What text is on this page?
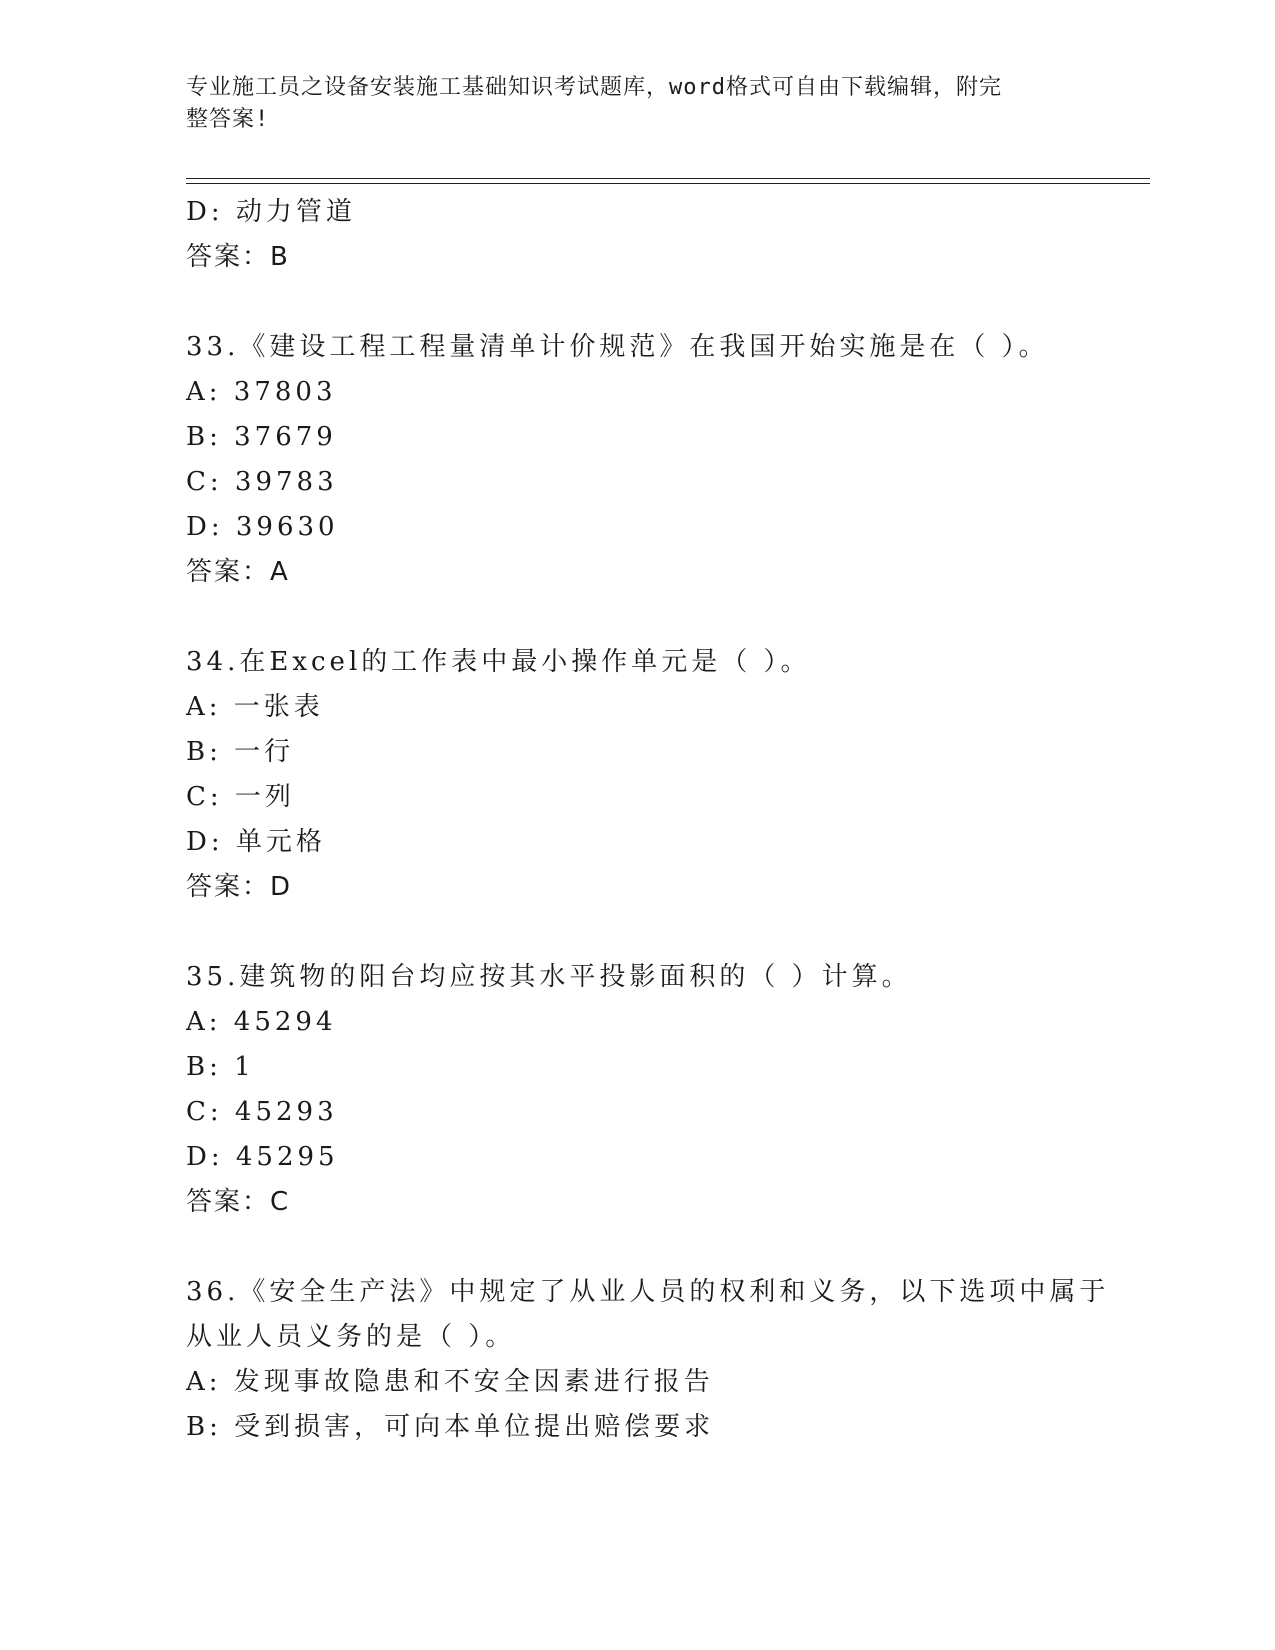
专业施工员之设备安装施工基础知识考试题库，word格式可自由下载编辑，附完
整答案!
D: 动力管道
答案：B
33.《建设工程工程量清单计价规范》在我国开始实施是在（ ）。
A: 37803
B: 37679
C: 39783
D: 39630
答案：A
34.在Excel的工作表中最小操作单元是（ ）。
A: 一张表
B: 一行
C: 一列
D: 单元格
答案：D
35.建筑物的阳台均应按其水平投影面积的（ ）计算。
A: 45294
B: 1
C: 45293
D: 45295
答案：C
36.《安全生产法》中规定了从业人员的权利和义务，以下选项中属于
从业人员义务的是（ ）。
A: 发现事故隐患和不安全因素进行报告
B: 受到损害，可向本单位提出赔偿要求
